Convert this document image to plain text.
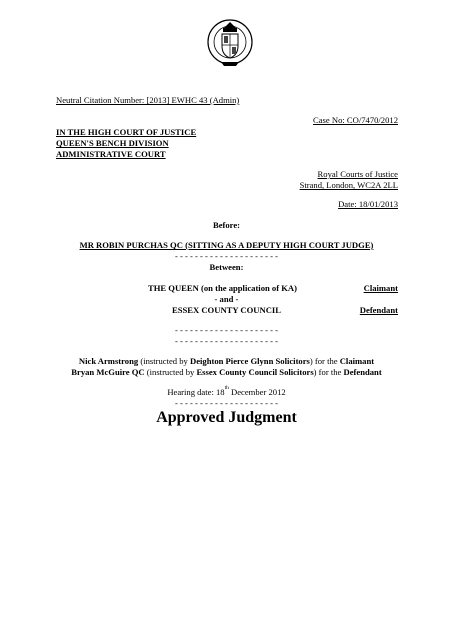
Neutral Citation Number: [2013] EWHC 43 (Admin)
Case No: CO/7470/2012
IN THE HIGH COURT OF JUSTICE
QUEEN'S BENCH DIVISION
ADMINISTRATIVE COURT
Royal Courts of Justice
Strand, London, WC2A 2LL
Date: 18/01/2013
Before:
MR ROBIN PURCHAS QC (SITTING AS A DEPUTY HIGH COURT JUDGE)
- - - - - - - - - - - - - - - - - - - - -
Between:
THE QUEEN (on the application of KA)	Claimant
- and -
ESSEX COUNTY COUNCIL	Defendant
- - - - - - - - - - - - - - - - - - - - -
- - - - - - - - - - - - - - - - - - - - -
Nick Armstrong (instructed by Deighton Pierce Glynn Solicitors) for the Claimant
Bryan McGuire QC (instructed by Essex County Council Solicitors) for the Defendant
Hearing date: 18th December 2012
- - - - - - - - - - - - - - - - - - - - -
Approved Judgment
